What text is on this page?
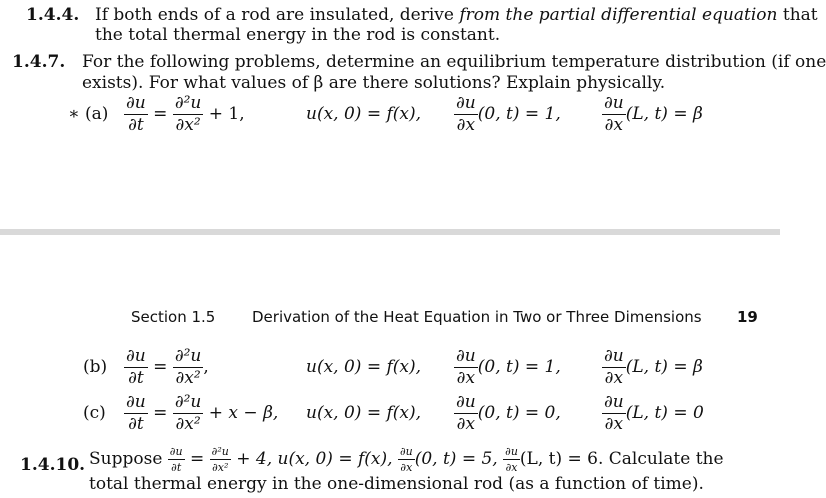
1.4.4. If both ends of a rod are insulated, derive from the partial differential equation that
the total thermal energy in the rod is constant.
1.4.7. For the following problems, determine an equilibrium temperature distribution (if one
exists). For what values of β are there solutions? Explain physically.
∗ $(a) \frac{\partial u}{\partial t} = \frac{\text{∂²u}}{\text{∂x²}} + 1$,	u(x, 0) = f(x), $\frac{\partial u}{\partial x} (0$, t) = 1, $\frac{\partial u}{\partial x} (L$, t) = β
Section 1.5 Derivation of the Heat Equation in Two or Three Dimensions 19
$(b) \frac{\partial u}{\partial t} = \frac{\text{∂²u}}{\text{∂x²}}$ ,	u(x, 0) = f(x), $\frac{\partial u}{\partial x} (0$, t) = 1, $\frac{\partial u}{\partial x} (L$, t) = β
$(c) \frac{\partial u}{\partial t} = \frac{\text{∂²u}}{\text{∂x²}} + x - \beta$, u(x, 0) = f(x), $\frac{\partial u}{\partial x} (0$, t) = 0, $\frac{\partial u}{\partial x} (L$, t) = 0
1.4.10. Suppose $\frac{\partial u}{\partial t} = \frac{\text{∂²u}}{\text{∂x²}} + 4$, u(x, 0) = f(x), $\frac{\partial u}{\partial x} (0$, t) = 5, $\frac{\partial u}{\partial x} (L$, t) = 6. Calculate the
total thermal energy in the one-dimensional rod (as a function of time).
